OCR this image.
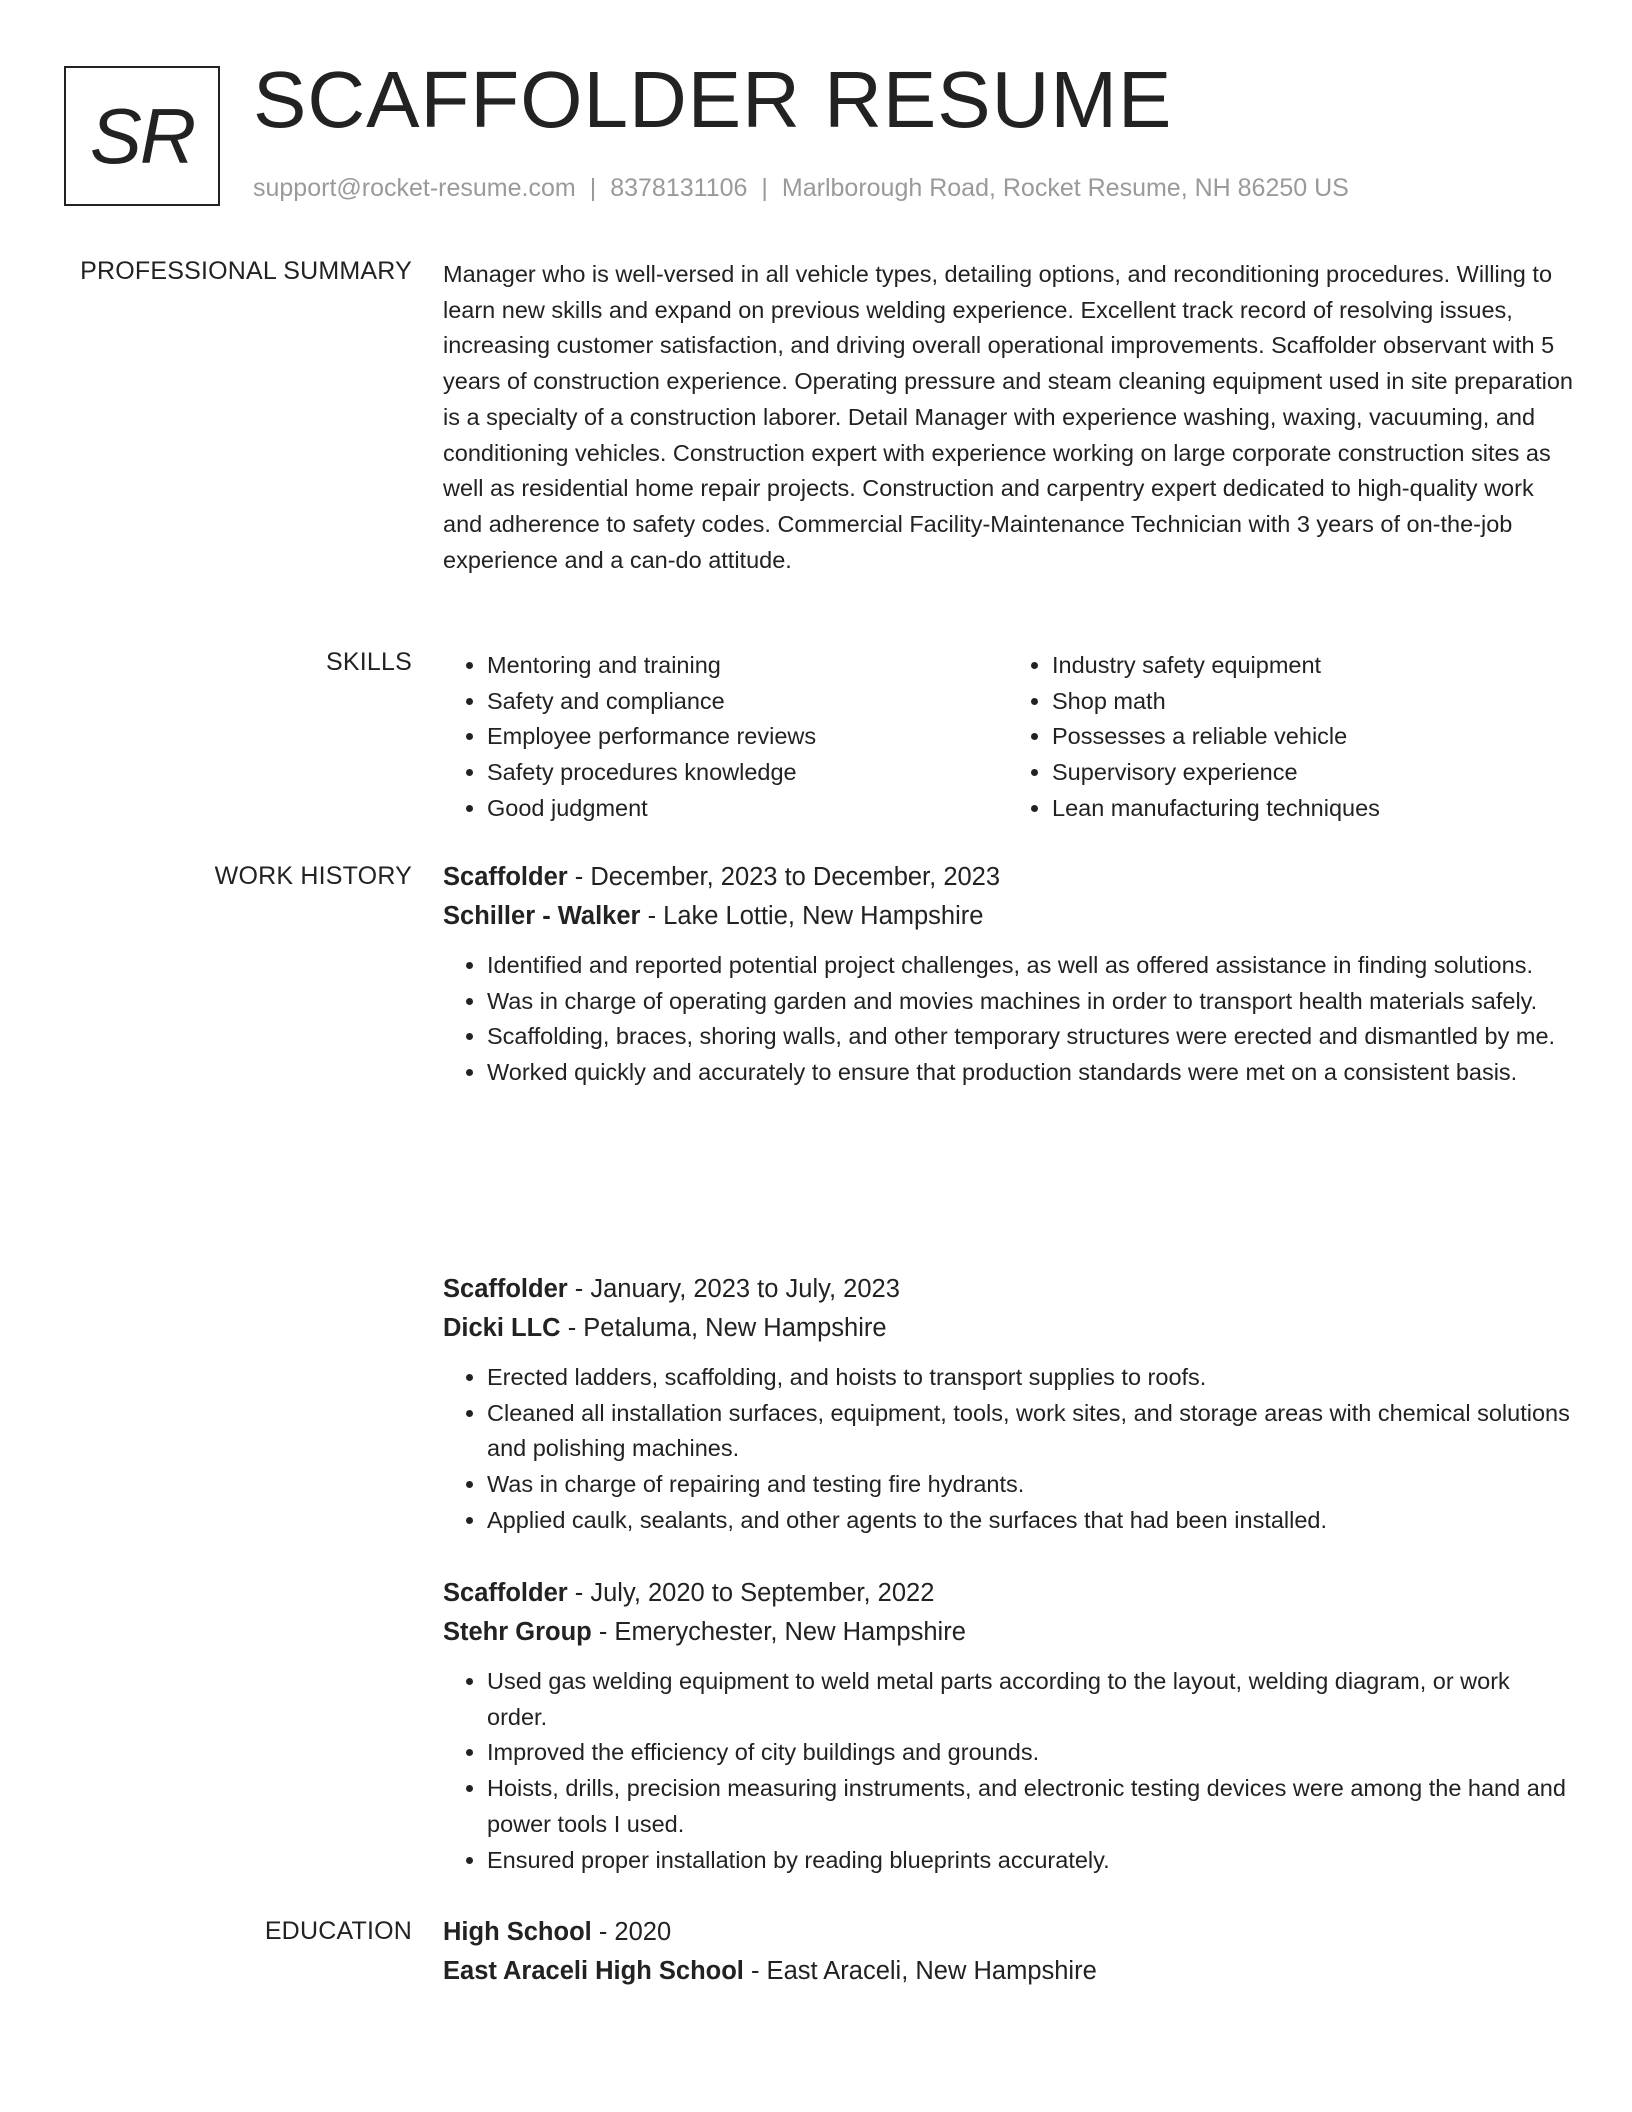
SR SCAFFOLDER RESUME
support@rocket-resume.com | 8378131106 | Marlborough Road, Rocket Resume, NH 86250 US
PROFESSIONAL SUMMARY Manager who is well-versed in all vehicle types, detailing options, and reconditioning procedures. Willing to learn new skills and expand on previous welding experience. Excellent track record of resolving issues, increasing customer satisfaction, and driving overall operational improvements. Scaffolder observant with 5 years of construction experience. Operating pressure and steam cleaning equipment used in site preparation is a specialty of a construction laborer. Detail Manager with experience washing, waxing, vacuuming, and conditioning vehicles. Construction expert with experience working on large corporate construction sites as well as residential home repair projects. Construction and carpentry expert dedicated to high-quality work and adherence to safety codes. Commercial Facility-Maintenance Technician with 3 years of on-the-job experience and a can-do attitude.

SKILLS
•	Mentoring and training
• Safety and compliance
• Employee performance reviews
• Safety procedures knowledge
• Good judgment
• Industry safety equipment
• Shop math
• Possesses a reliable vehicle
• Supervisory experience
• Lean manufacturing techniques
WORK HISTORY Scaffolder - December, 2023 to December, 2023
Schiller - Walker - Lake Lottie, New Hampshire
• Identified and reported potential project challenges, as well as offered assistance in finding solutions.
• Was in charge of operating garden and movies machines in order to transport health materials safely.
• Scaffolding, braces, shoring walls, and other temporary structures were erected and dismantled by me.
• Worked quickly and accurately to ensure that production standards were met on a consistent basis.
Scaffolder - January, 2023 to July, 2023
Dicki LLC - Petaluma, New Hampshire
• Erected ladders, scaffolding, and hoists to transport supplies to roofs.
• Cleaned all installation surfaces, equipment, tools, work sites, and storage areas with chemical solutions and polishing machines.
• Was in charge of repairing and testing fire hydrants.
• Applied caulk, sealants, and other agents to the surfaces that had been installed.
Scaffolder - July, 2020 to September, 2022
Stehr Group - Emerychester, New Hampshire
• Used gas welding equipment to weld metal parts according to the layout, welding diagram, or work order.
• Improved the efficiency of city buildings and grounds.
• Hoists, drills, precision measuring instruments, and electronic testing devices were among the hand and power tools I used.
• Ensured proper installation by reading blueprints accurately.
EDUCATION High School - 2020
East Araceli High School - East Araceli, New Hampshire
